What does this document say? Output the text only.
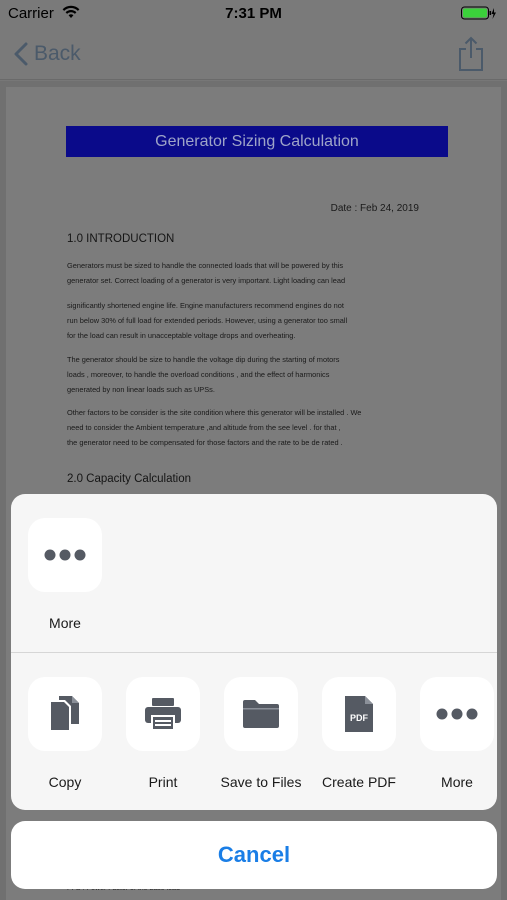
Carrier	7:31 PM
Back
Generator Sizing Calculation
Date : Feb 24, 2019
1.0 INTRODUCTION
Generators must be sized to handle the connected loads that will be powered by this
generator set. Correct loading of a generator is very important. Light loading can lead
significantly shortened engine life. Engine manufacturers recommend engines do not
run below 30% of full load for extended periods. However, using a generator too small
for the load can result in unacceptable voltage drops and overheating.
The generator should be size to handle the voltage dip during the starting of motors
loads , moreover, to handle the overload conditions , and the effect of harmonics
generated by non linear loads such as UPSs.
Other factors to be consider is the site condition where this generator will be installed . We
need to consider the Ambient temperature ,and altitude from the see level . for that ,
the generator need to be compensated for those factors and the rate to be de rated .
2.0 Capacity Calculation
More
Copy	Print	Save to Files
PDF
Create PDF	More
Cancel
